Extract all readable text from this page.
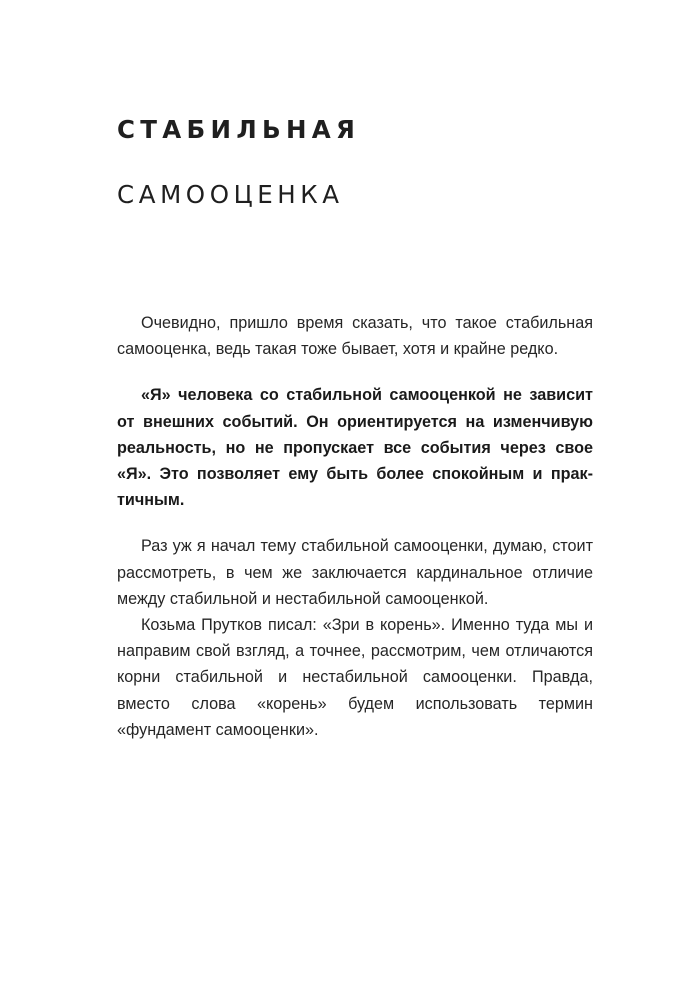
СТАБИЛЬНАЯ
САМООЦЕНКА

Очевидно, пришло время сказать, что такое стабильная самооценка, ведь такая тоже бывает, хотя и крайне редко.

«Я» человека со стабильной самооценкой не зависит от внешних событий. Он ориентируется на изменчивую реальность, но не пропускает все события через свое «Я». Это позволяет ему быть более спокойным и практичным.

Раз уж я начал тему стабильной самооценки, думаю, стоит рассмотреть, в чем же заключается кардинальное отличие между стабильной и нестабильной самооценкой.

Козьма Прутков писал: «Зри в корень». Именно туда мы и направим свой взгляд, а точнее, рассмотрим, чем отличаются корни стабильной и нестабильной самооценки. Правда, вместо слова «корень» будем использовать термин «фундамент самооценки».
